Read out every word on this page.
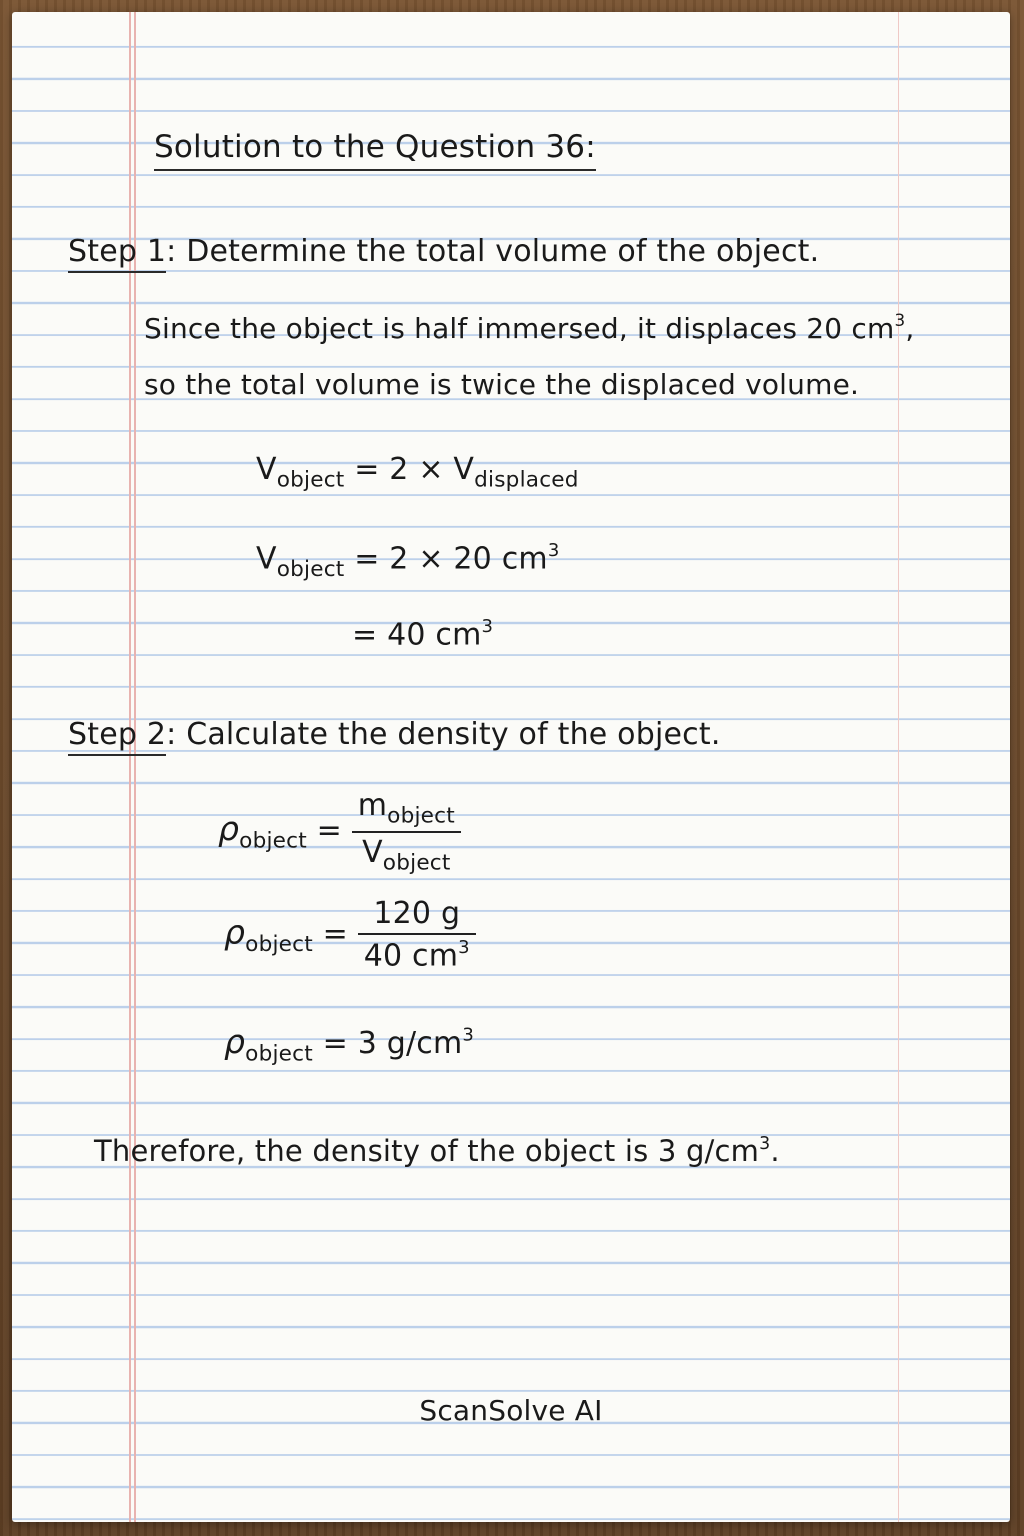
Solution to the Question 36:
Step 1: Determine the total volume of the object.
Since the object is half immersed, it displaces 20 $cm^3$,
so the total volume is twice the displaced volume.
$V_{object} = 2 \times V_{displaced}$
$V_{object} = 2 \times 20$ $cm^3$
= 40 $cm^3$
Step 2: Calculate the density of the object.
$\rho_{object} = \frac{m_{object}}{V_{object}}$
$\rho_{object} = \frac{120 g}{40 cm^3}$
$\rho_{object} = 3$ $g/cm^3$
Therefore, the density of the object is 3 $g/cm^3$.
ScanSolve AI
